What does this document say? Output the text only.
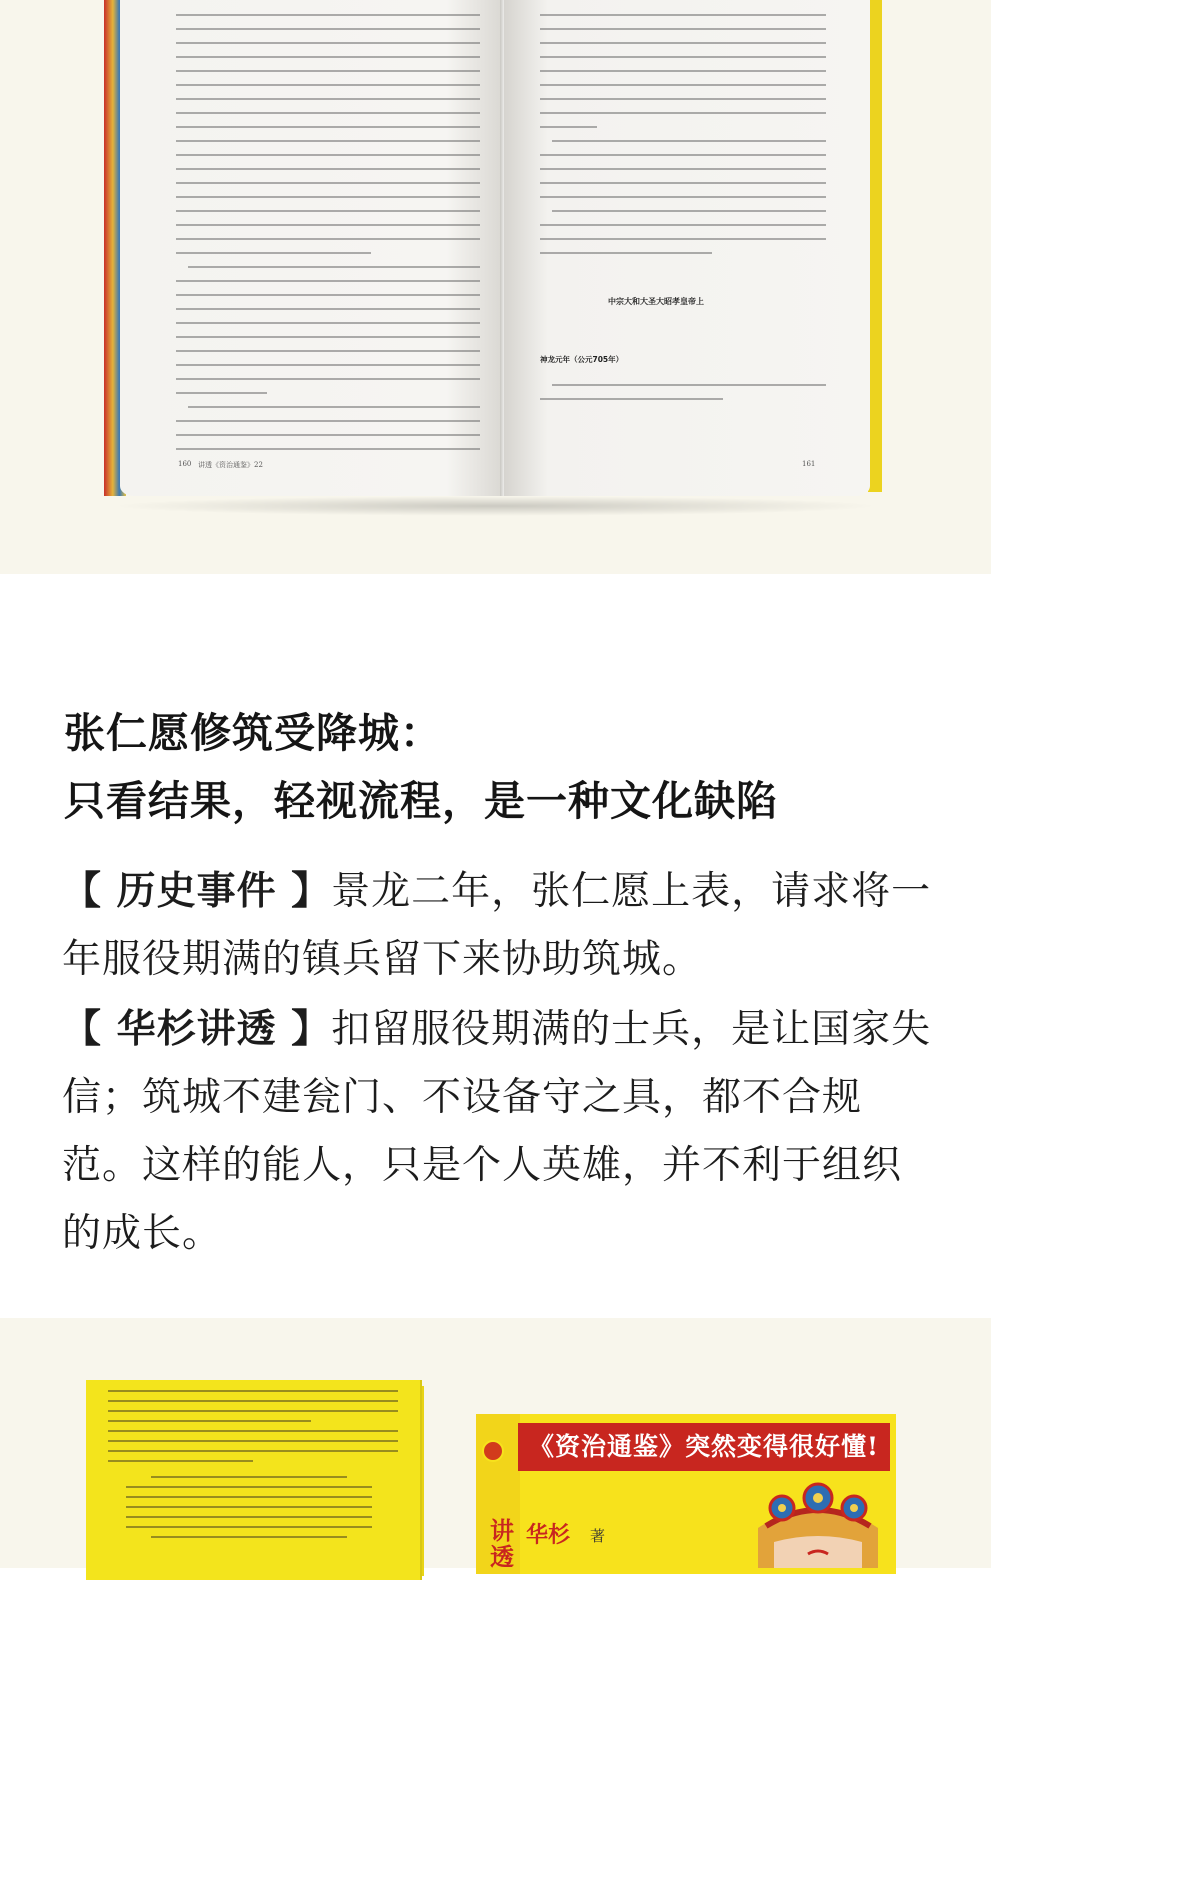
160 讲透《资治通鉴》22
中宗大和大圣大昭孝皇帝上
神龙元年（公元705年）
161
张仁愿修筑受降城：
只看结果，轻视流程，是一种文化缺陷
【 历史事件 】景龙二年，张仁愿上表，请求将一年服役期满的镇兵留下来协助筑城。
【 华杉讲透 】扣留服役期满的士兵，是让国家失信；筑城不建瓮门、不设备守之具，都不合规范。这样的能人，只是个人英雄，并不利于组织的成长。
讲透
《资治通鉴》突然变得很好懂!
华杉 著
